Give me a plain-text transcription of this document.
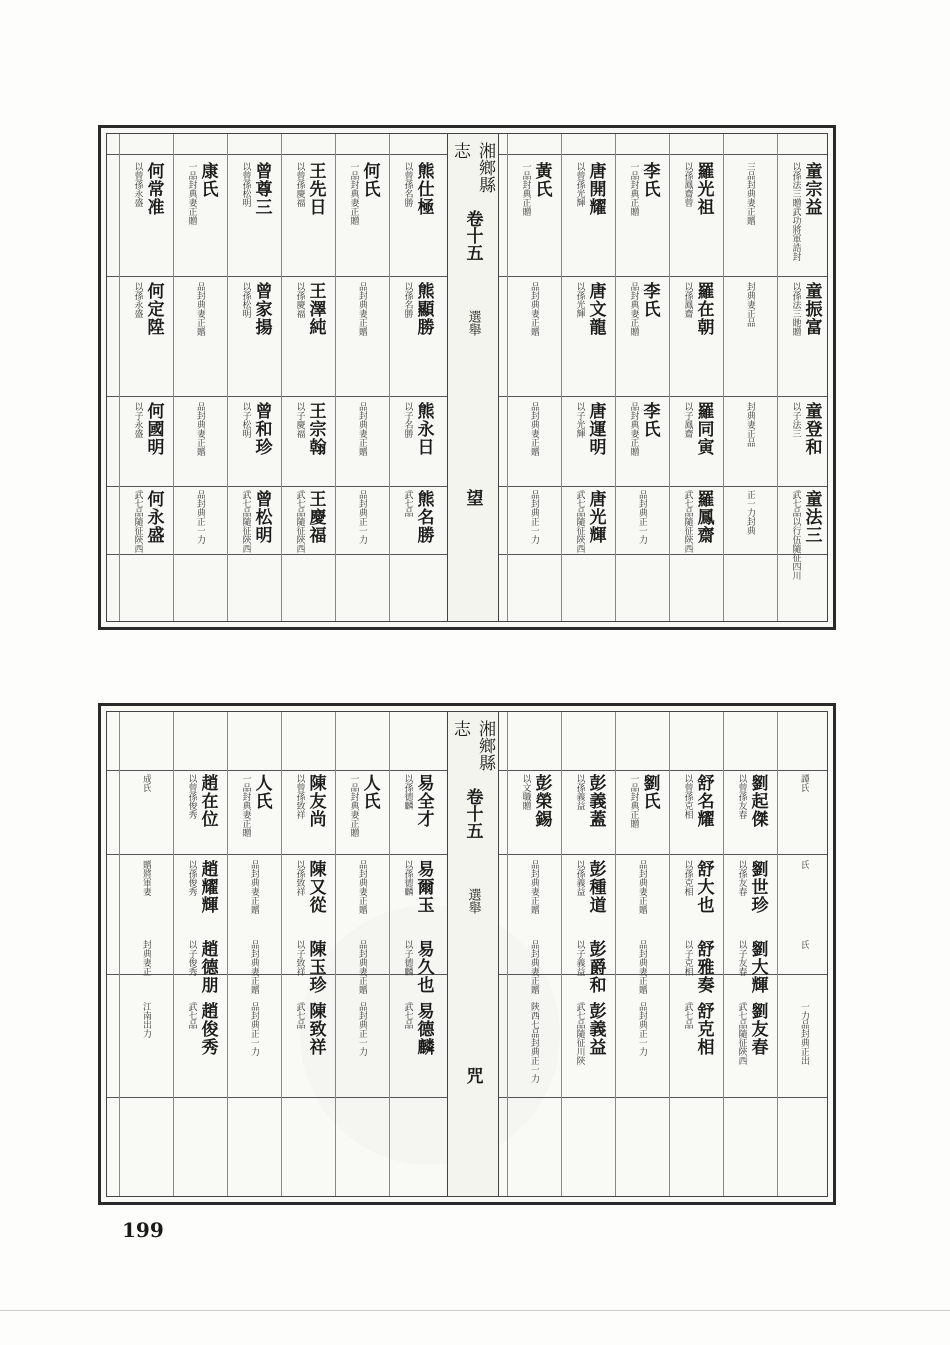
童宗益
以孫法三贈武功將軍誥封
童振富
以孫法三貤贈
童登和
以子法三
童法三
武七品以行伍隨征四川
三品封典妻正贈
封典妻正品
封典妻正品
正一力封典
羅光祖
以孫鳳齋曾
羅在朝
以孫鳳齋
羅同寅
以子鳳齋
羅鳳齋
武七品隨征陝西
李氏
一品封典正贈
李氏
品封典妻正贈
李氏
品封典妻正贈
品封典正一力
唐開耀
以曾孫光輝
唐文龍
以孫光輝
唐運明
以子光輝
唐光輝
武七品隨征陝西
黃氏
一品封典正贈
品封典妻正贈
品封典妻正贈
品封典正一力
湘鄉縣志
卷十五
選舉
望
熊仕極
以曾孫名勝
熊顯勝
以孫名勝
熊永日
以子名勝
熊名勝
武七品
何氏
一品封典妻正贈
品封典妻正贈
品封典妻正贈
品封典正一力
王先日
以曾孫慶福
王澤純
以孫慶福
王宗翰
以子慶福
王慶福
武七品隨征陝西
曾尊三
以曾孫松明
曾家揚
以孫松明
曾和珍
以子松明
曾松明
武七品隨征陝西
康氏
一品封典妻正贈
品封典妻正贈
品封典妻正贈
品封典正一力
何常准
以曾孫永盛
何定陞
以孫永盛
何國明
以子永盛
何永盛
武七品隨征陝西
譚氏
氏
氏
一力品封典正出
劉起傑
以曾孫友春
劉世珍
以孫友春
劉大輝
以子友春
劉友春
武七品隨征陝西
舒名耀
以曾孫克相
舒大也
以孫克相
舒雅奏
以子克相
舒克相
武七品
劉氏
一品封典正贈
品封典妻正贈
品封典妻正贈
品封典正一力
彭義蓋
以孫義益
彭種道
以孫義益
彭爵和
以子義益
彭義益
武七品隨征川陝
彭榮錫
以文職贈
品封典妻正贈
品封典妻正贈
陝西七品封典正一力
湘鄉縣志
卷十五
選舉
咒
易全才
以孫德麟
易爾玉
以孫德麟
易久也
以子德麟
易德麟
武七品
人氏
一品封典妻正贈
品封典妻正贈
品封典妻正贈
品封典正一力
陳友尚
以曾孫致祥
陳又從
以孫致祥
陳玉珍
以子致祥
陳致祥
武七品
人氏
一品封典妻正贈
品封典妻正贈
品封典妻正贈
品封典正一力
趙在位
以曾孫俊秀
趙耀輝
以孫俊秀
趙德朋
以子俊秀
趙俊秀
武七品
成氏
贈將軍妻
封典妻正
江南出力
199
